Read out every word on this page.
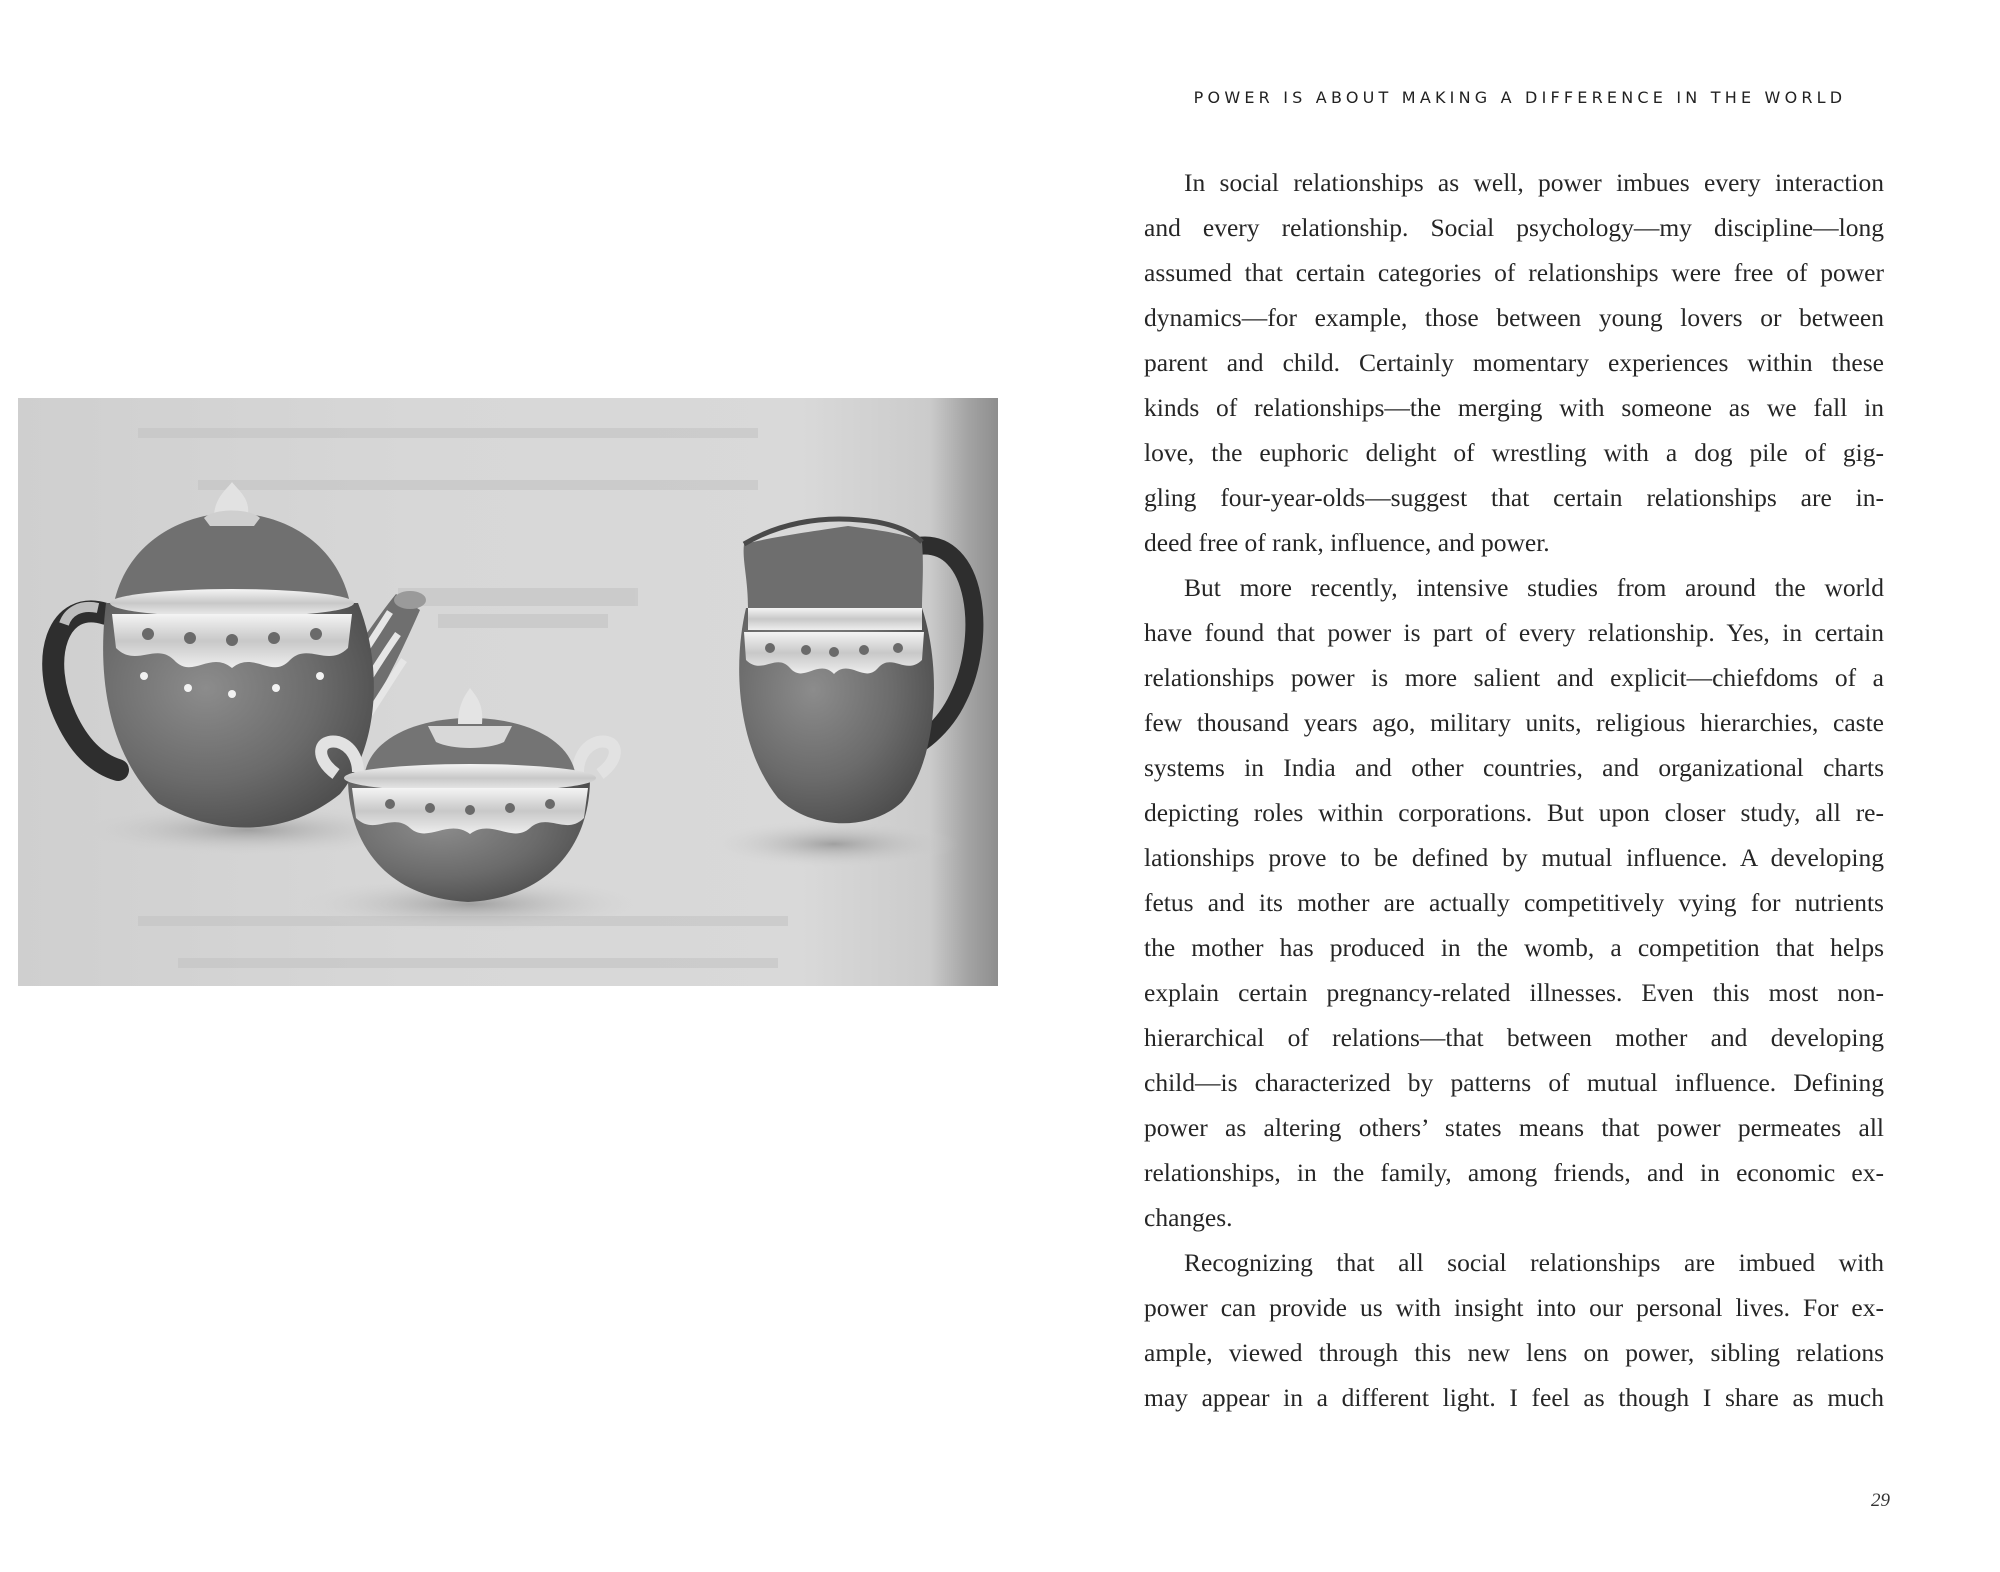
POWER IS ABOUT MAKING A DIFFERENCE IN THE WORLD
In social relationships as well, power imbues every interaction
and every relationship. Social psychology—my discipline—long
assumed that certain categories of relationships were free of power
dynamics—for example, those between young lovers or between
parent and child. Certainly momentary experiences within these
kinds of relationships—the merging with someone as we fall in
love, the euphoric delight of wrestling with a dog pile of gig-
gling four-year-olds—suggest that certain relationships are in-
deed free of rank, influence, and power.
But more recently, intensive studies from around the world
have found that power is part of every relationship. Yes, in certain
relationships power is more salient and explicit—chiefdoms of a
few thousand years ago, military units, religious hierarchies, caste
systems in India and other countries, and organizational charts
depicting roles within corporations. But upon closer study, all re-
lationships prove to be defined by mutual influence. A developing
fetus and its mother are actually competitively vying for nutrients
the mother has produced in the womb, a competition that helps
explain certain pregnancy-related illnesses. Even this most non-
hierarchical of relations—that between mother and developing
child—is characterized by patterns of mutual influence. Defining
power as altering others’ states means that power permeates all
relationships, in the family, among friends, and in economic ex-
changes.
Recognizing that all social relationships are imbued with
power can provide us with insight into our personal lives. For ex-
ample, viewed through this new lens on power, sibling relations
may appear in a different light. I feel as though I share as much
29
